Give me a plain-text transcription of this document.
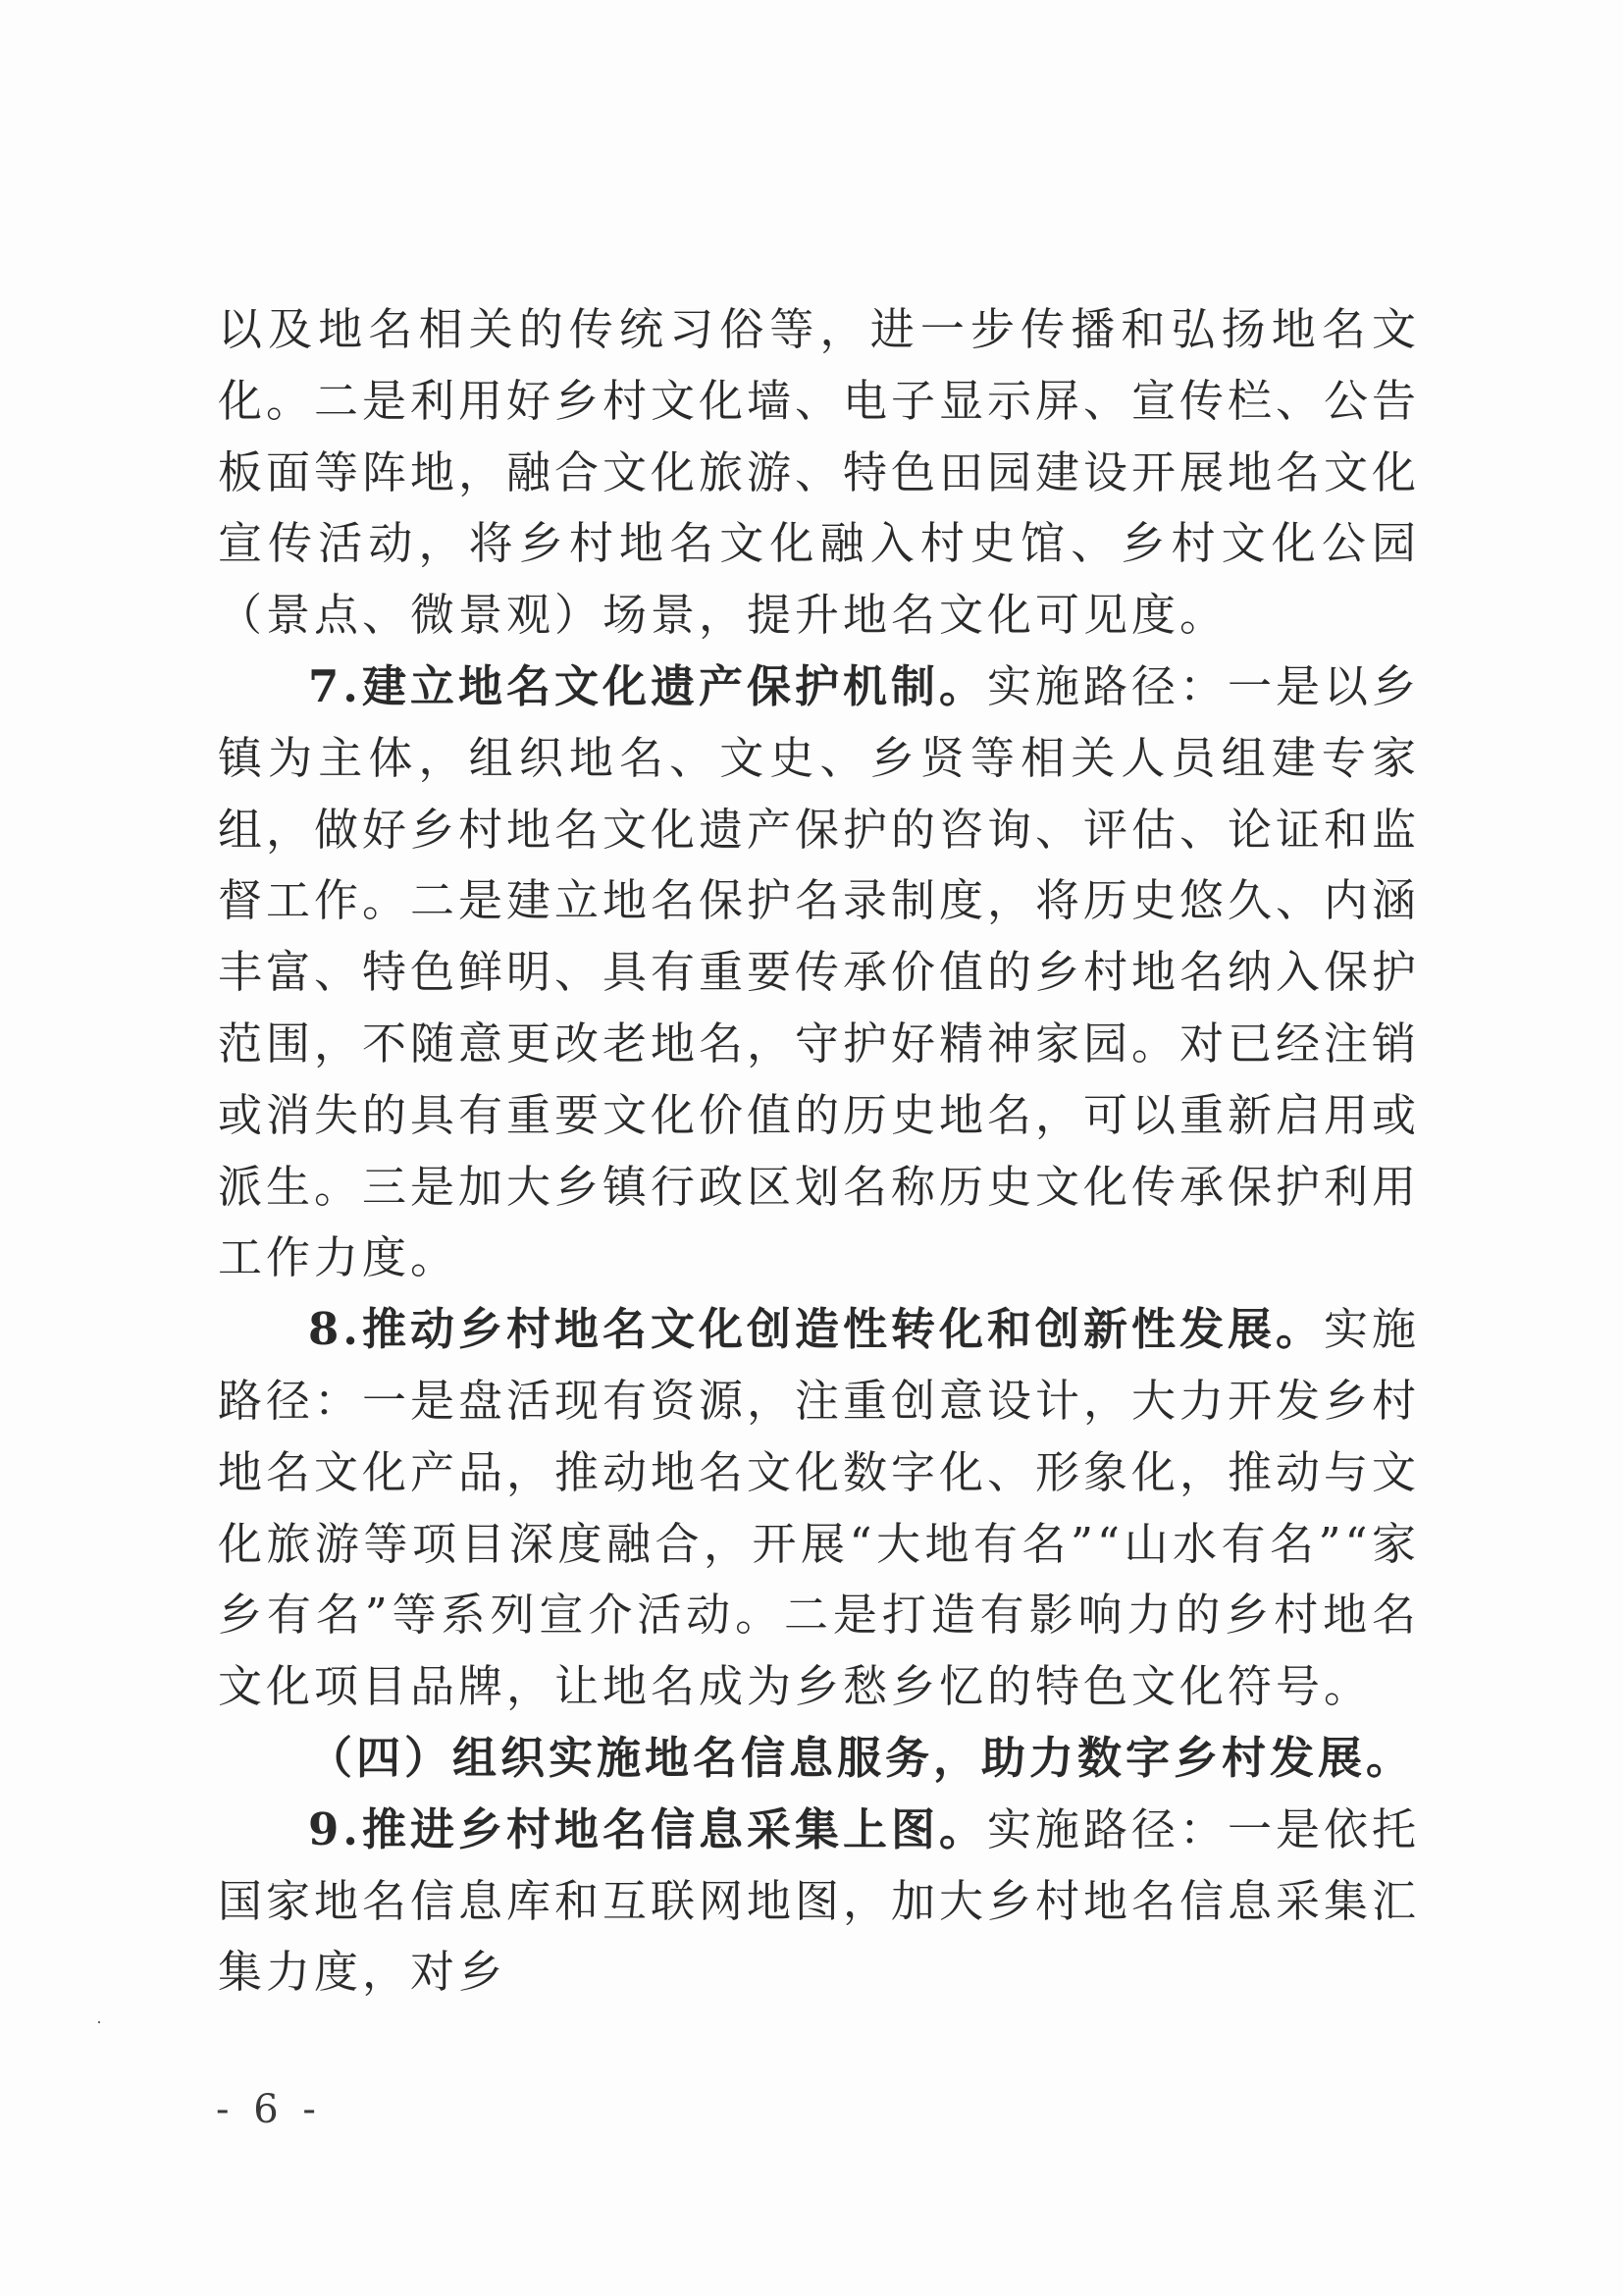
以及地名相关的传统习俗等，进一步传播和弘扬地名文化。二是利用好乡村文化墙、电子显示屏、宣传栏、公告板面等阵地，融合文化旅游、特色田园建设开展地名文化宣传活动，将乡村地名文化融入村史馆、乡村文化公园（景点、微景观）场景，提升地名文化可见度。

7.建立地名文化遗产保护机制。实施路径：一是以乡镇为主体，组织地名、文史、乡贤等相关人员组建专家组，做好乡村地名文化遗产保护的咨询、评估、论证和监督工作。二是建立地名保护名录制度，将历史悠久、内涵丰富、特色鲜明、具有重要传承价值的乡村地名纳入保护范围，不随意更改老地名，守护好精神家园。对已经注销或消失的具有重要文化价值的历史地名，可以重新启用或派生。三是加大乡镇行政区划名称历史文化传承保护利用工作力度。

8.推动乡村地名文化创造性转化和创新性发展。实施路径：一是盘活现有资源，注重创意设计，大力开发乡村地名文化产品，推动地名文化数字化、形象化，推动与文化旅游等项目深度融合，开展“大地有名”“山水有名”“家乡有名”等系列宣介活动。二是打造有影响力的乡村地名文化项目品牌，让地名成为乡愁乡忆的特色文化符号。

（四）组织实施地名信息服务，助力数字乡村发展。

9.推进乡村地名信息采集上图。实施路径：一是依托国家地名信息库和互联网地图，加大乡村地名信息采集汇集力度，对乡

- 6 -
